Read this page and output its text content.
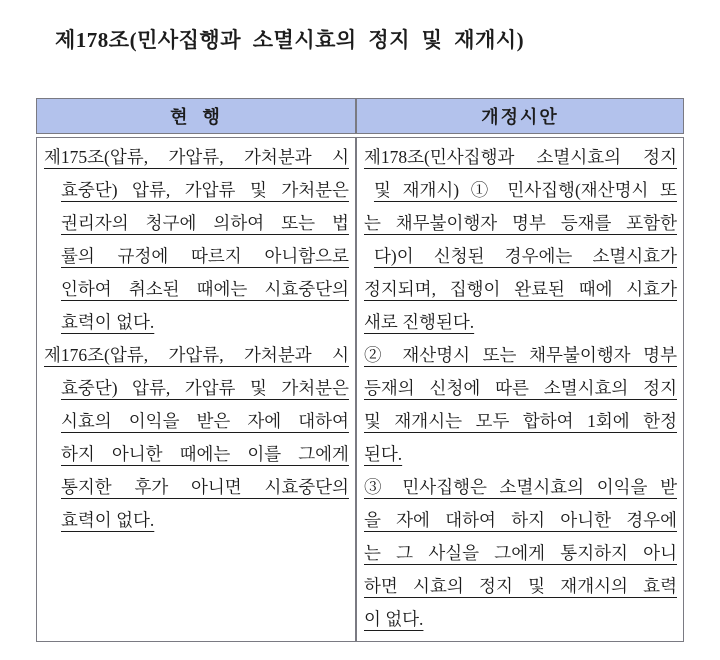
제178조(민사집행과 소멸시효의 정지 및 재개시)
현  행	개정시안

제175조(압류, 가압류, 가처분과 시
효중단) 압류, 가압류 및 가처분은
권리자의 청구에 의하여 또는 법
률의 규정에 따르지 아니함으로
인하여 취소된 때에는 시효중단의
효력이 없다.
제176조(압류, 가압류, 가처분과 시
효중단) 압류, 가압류 및 가처분은
시효의 이익을 받은 자에 대하여
하지 아니한 때에는 이를 그에게
통지한 후가 아니면 시효중단의
효력이 없다.

제178조(민사집행과 소멸시효의 정지
및 재개시) ① 민사집행(재산명시 또
는 채무불이행자 명부 등재를 포함한
다)이 신청된 경우에는 소멸시효가
정지되며, 집행이 완료된 때에 시효가
새로 진행된다.
② 재산명시 또는 채무불이행자 명부
등재의 신청에 따른 소멸시효의 정지
및 재개시는 모두 합하여 1회에 한정
된다.
③ 민사집행은 소멸시효의 이익을 받
을 자에 대하여 하지 아니한 경우에
는 그 사실을 그에게 통지하지 아니
하면 시효의 정지 및 재개시의 효력
이 없다.
